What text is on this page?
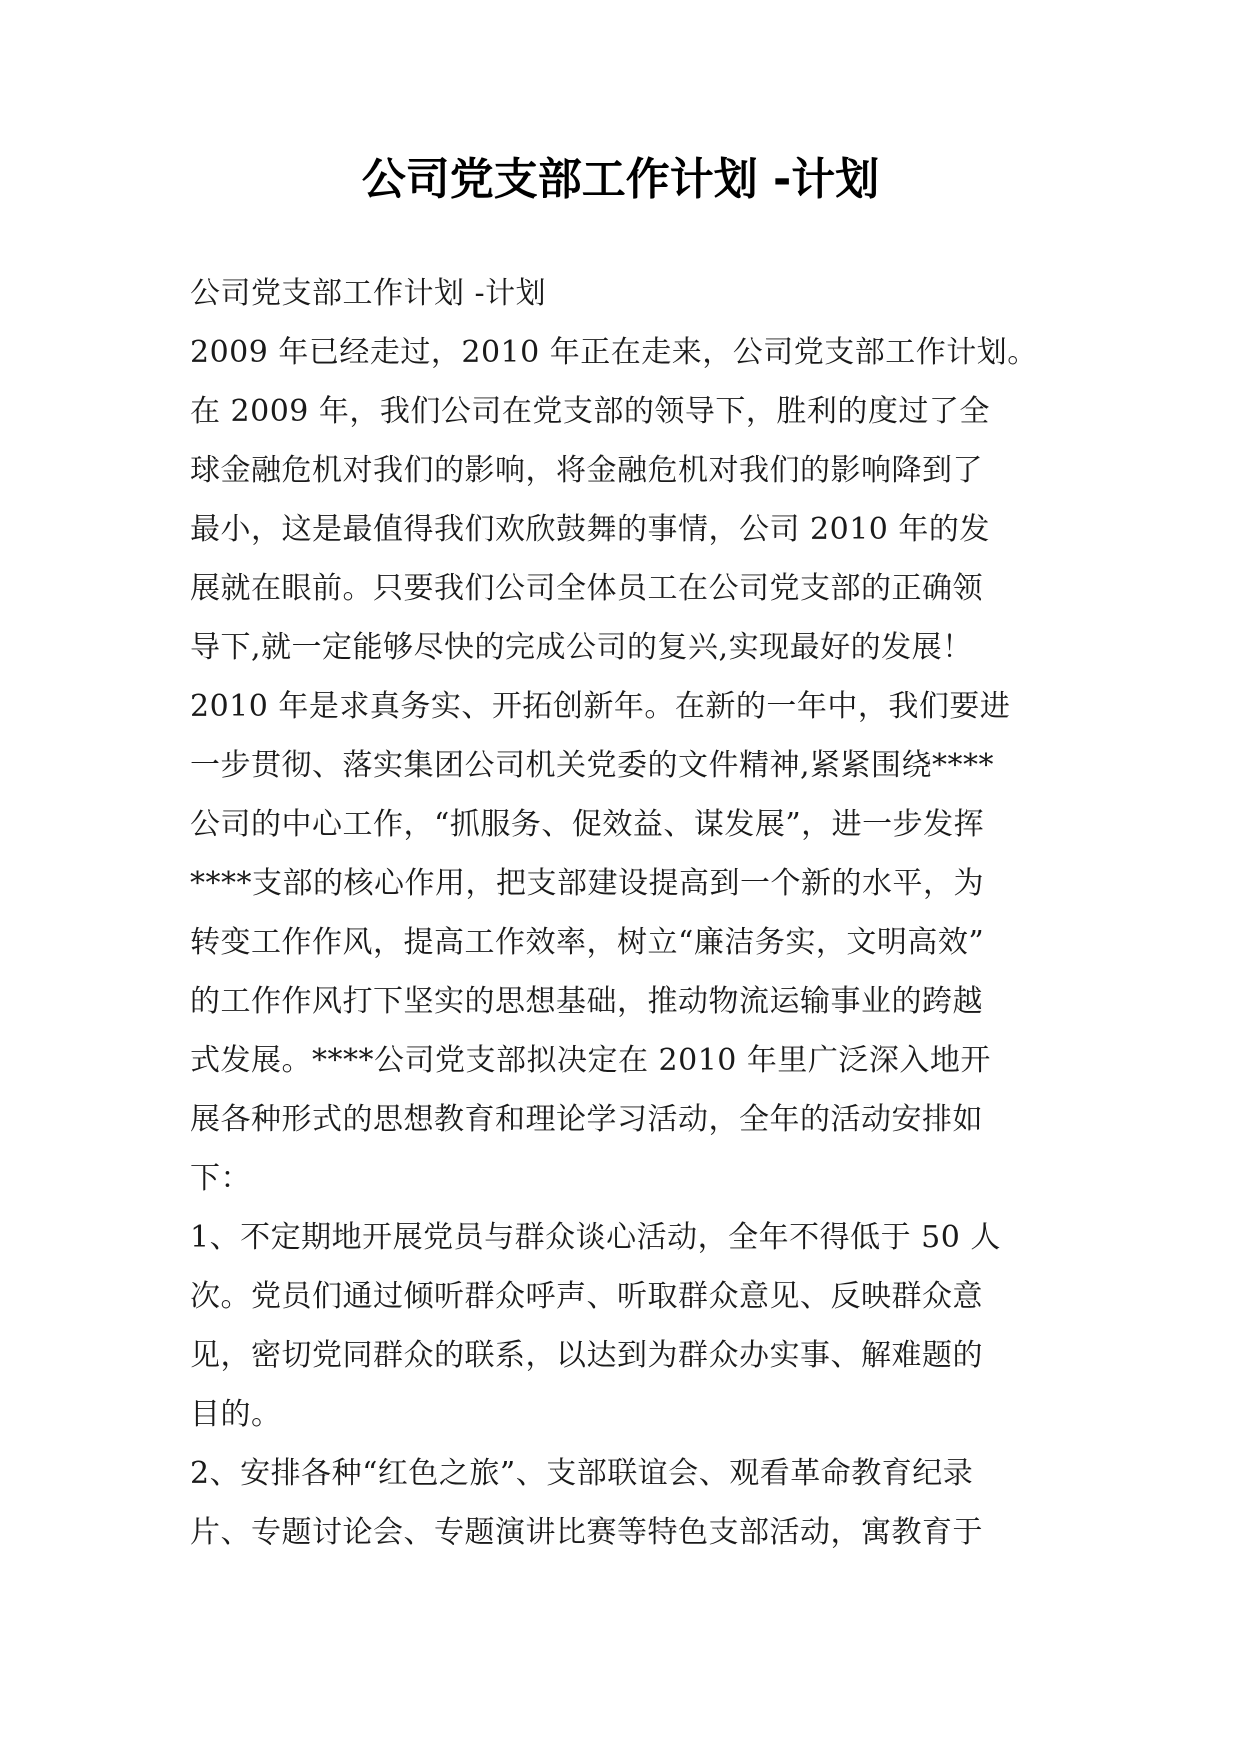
公司党支部工作计划 -计划
公司党支部工作计划 -计划
2009 年已经走过，2010 年正在走来，公司党支部工作计划。
在 2009 年，我们公司在党支部的领导下，胜利的度过了全
球金融危机对我们的影响，将金融危机对我们的影响降到了
最小，这是最值得我们欢欣鼓舞的事情，公司 2010 年的发
展就在眼前。只要我们公司全体员工在公司党支部的正确领
导下,就一定能够尽快的完成公司的复兴,实现最好的发展！
2010 年是求真务实、开拓创新年。在新的一年中，我们要进
一步贯彻、落实集团公司机关党委的文件精神,紧紧围绕****
公司的中心工作，“抓服务、促效益、谋发展”，进一步发挥
****支部的核心作用，把支部建设提高到一个新的水平，为
转变工作作风，提高工作效率，树立“廉洁务实，文明高效”
的工作作风打下坚实的思想基础，推动物流运输事业的跨越
式发展。****公司党支部拟决定在 2010 年里广泛深入地开
展各种形式的思想教育和理论学习活动，全年的活动安排如
下：
1、不定期地开展党员与群众谈心活动，全年不得低于 50 人
次。党员们通过倾听群众呼声、听取群众意见、反映群众意
见，密切党同群众的联系，以达到为群众办实事、解难题的
目的。
2、安排各种“红色之旅”、支部联谊会、观看革命教育纪录
片、专题讨论会、专题演讲比赛等特色支部活动，寓教育于
